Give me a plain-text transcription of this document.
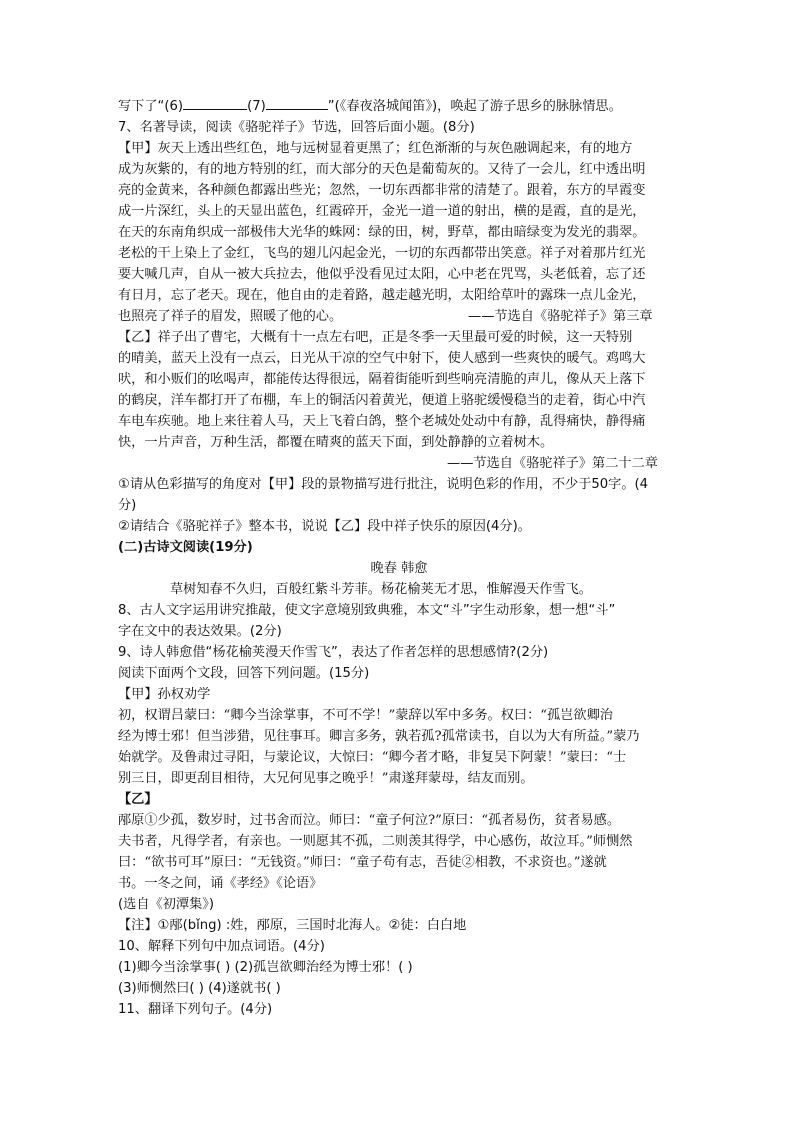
写下了“(6)	(7)	”(《春夜洛城闻笛》)，唤起了游子思乡的脉脉情思。
7、名著导读，阅读《骆驼祥子》节选，回答后面小题。(8分)
【甲】灰天上透出些红色，地与远树显着更黑了；红色渐渐的与灰色融调起来，有的地方
成为灰紫的，有的地方特别的红，而大部分的天色是葡萄灰的。又待了一会儿，红中透出明
亮的金黄来，各种颜色都露出些光；忽然，一切东西都非常的清楚了。跟着，东方的早霞变
成一片深红，头上的天显出蓝色，红霞碎开，金光一道一道的射出，横的是霞，直的是光，
在天的东南角织成一部极伟大光华的蛛网：绿的田，树，野草，都由暗绿变为发光的翡翠。
老松的干上染上了金红，飞鸟的翅儿闪起金光，一切的东西都带出笑意。祥子对着那片红光
要大喊几声，自从一被大兵拉去，他似乎没看见过太阳，心中老在咒骂，头老低着，忘了还
有日月，忘了老天。现在，他自由的走着路，越走越光明，太阳给草叶的露珠一点儿金光，
也照亮了祥子的眉发，照暖了他的心。	——节选自《骆驼祥子》第三章
【乙】祥子出了曹宅，大概有十一点左右吧，正是冬季一天里最可爱的时候，这一天特别
的晴美，蓝天上没有一点云，日光从干凉的空气中射下，使人感到一些爽快的暖气。鸡鸣大
吠，和小贩们的吆喝声，都能传达得很远，隔着街能听到些响亮清脆的声儿，像从天上落下
的鹤戾，洋车都打开了布棚，车上的铜活闪着黄光，便道上骆驼缓慢稳当的走着，街心中汽
车电车疾驰。地上来往着人马，天上飞着白鸽，整个老城处处动中有静，乱得痛快，静得痛
快，一片声音，万种生活，都覆在晴爽的蓝天下面，到处静静的立着树木。
——节选自《骆驼祥子》第二十二章
①请从色彩描写的角度对【甲】段的景物描写进行批注，说明色彩的作用，不少于50字。(4
分)
②请结合《骆驼祥子》整本书，说说【乙】段中祥子快乐的原因(4分)。
(二)古诗文阅读(19分)
晚春 韩愈
草树知春不久归，百般红紫斗芳菲。杨花榆荚无才思，惟解漫天作雪飞。
8、古人文字运用讲究推敲，使文字意境别致典雅，本文“斗”字生动形象，想一想“斗”
字在文中的表达效果。(2分)
9、诗人韩愈借“杨花榆荚漫天作雪飞”，表达了作者怎样的思想感情?(2分)
阅读下面两个文段，回答下列问题。(15分)
【甲】孙权劝学
初，权谓吕蒙曰：“卿今当涂掌事，不可不学！”蒙辞以军中多务。权曰：“孤岂欲卿治
经为博士邪！但当涉猎，见往事耳。卿言多务，孰若孤?孤常读书，自以为大有所益。”蒙乃
始就学。及鲁肃过寻阳，与蒙论议，大惊曰：“卿今者才略，非复吴下阿蒙！”蒙曰：“士
别三日，即更刮目相待，大兄何见事之晚乎！”肃遂拜蒙母，结友而别。
【乙】
邴原①少孤，数岁时，过书舍而泣。师曰：“童子何泣?”原曰：“孤者易伤，贫者易感。
夫书者，凡得学者，有亲也。一则愿其不孤，二则羡其得学，中心感伤，故泣耳。”师恻然
曰：“欲书可耳”原曰：“无钱资。”师曰：“童子苟有志，吾徒②相教，不求资也。”遂就
书。一冬之间，诵《孝经》《论语》
(选自《初潭集》)
【注】①邴(bǐng) :姓，邴原，三国时北海人。②徒：白白地
10、解释下列句中加点词语。(4分)
(1)卿今当涂掌事( ) (2)孤岂欲卿治经为博士邪！( )
(3)师恻然曰( ) (4)遂就书( )
11、翻译下列句子。(4分)
